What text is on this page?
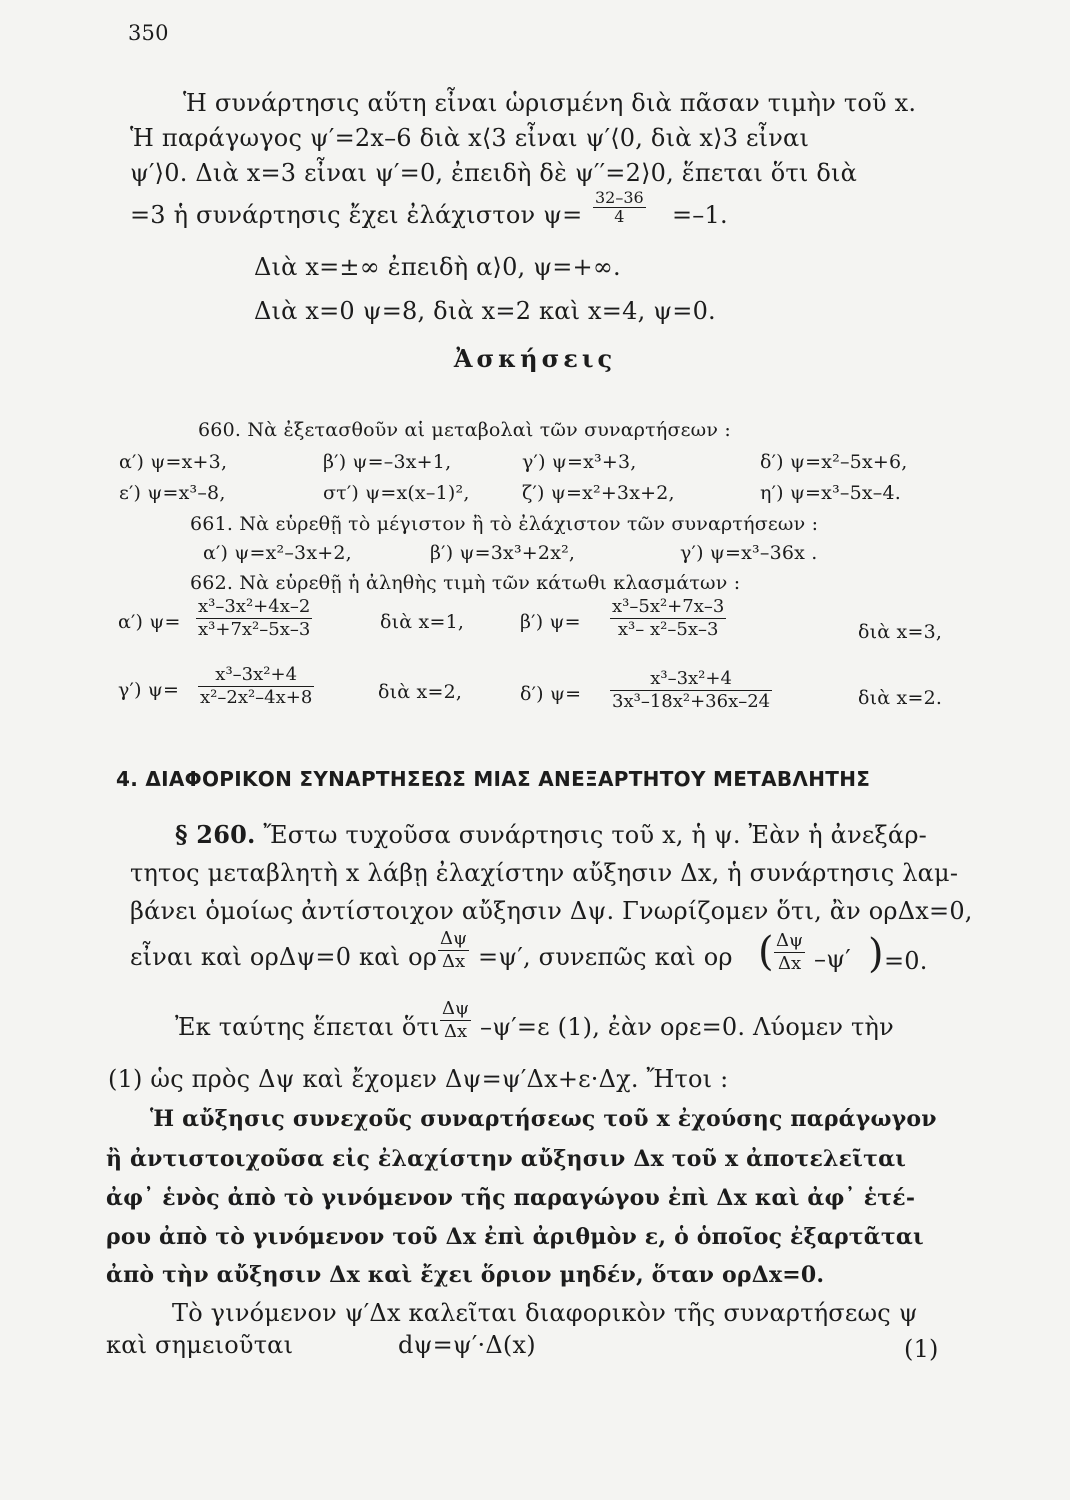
350
Ἡ συνάρτησις αὕτη εἶναι ὡρισμένη διὰ πᾶσαν τιμὴν τοῦ x.
Ἡ παράγωγος ψ′=2x–6 διὰ x⟨3 εἶναι ψ′⟨0, διὰ x⟩3 εἶναι
ψ′⟩0. Διὰ x=3 εἶναι ψ′=0, ἐπειδὴ δὲ ψ′′=2⟩0, ἕπεται ὅτι διὰ
=3 ἡ συνάρτησις ἔχει ἐλάχιστον $\psi= \frac{32-36}{4} =-1$.
Διὰ x=±∞ ἐπειδὴ α⟩0, ψ=+∞.
Διὰ x=0 ψ=8, διὰ x=2 καὶ x=4, ψ=0.
Ἀσκήσεις
660. Νὰ ἐξετασθοῦν αἱ μεταβολαὶ τῶν συναρτήσεων :
α′) ψ=x+3,	β′) ψ=–3x+1,	γ′) ψ=x³+3,	δ′) ψ=x²–5x+6,
ε′) ψ=x³–8,	στ′) ψ=x(x–1)²,	ζ′) ψ=x²+3x+2,	η′) ψ=x³–5x–4.
661. Νὰ εὑρεθῇ τὸ μέγιστον ἢ τὸ ἐλάχιστον τῶν συναρτήσεων :
α′) ψ=x²–3x+2,	β′) ψ=3x³+2x²,	γ′) ψ=x³–36x .
662. Νὰ εὑρεθῇ ἡ ἀληθὴς τιμὴ τῶν κάτωθι κλασμάτων :
α′) $\psi= \frac{\text{x³–3x²+4x–2}}{\text{x³+7x²–5x–3}}$	διὰ x=1,	β′) $\psi= \frac{\text{x³–5x²+7x–3}}{\text{x³– x²–5x–3}}$	διὰ x=3,
γ′) $\psi= \frac{\text{x³–3x²+4}}{\text{x²–2x²–4x+8}}$	διὰ x=2,	δ′) $\psi= \frac{\text{x³–3x²+4}}{\text{3x³–18x²+36x–24}}$	διὰ x=2.
4. ΔΙΑΦΟΡΙΚΟΝ ΣΥΝΑΡΤΗΣΕΩΣ ΜΙΑΣ ΑΝΕΞΑΡΤΗΤΟΥ ΜΕΤΑΒΛΗΤΗΣ
§ 260. Ἔστω τυχοῦσα συνάρτησις τοῦ x, ἡ ψ. Ἐὰν ἡ ἀνεξάρ-
τητος μεταβλητὴ x λάβῃ ἐλαχίστην αὔξησιν Δx, ἡ συνάρτησις λαμ-
βάνει ὁμοίως ἀντίστοιχον αὔξησιν Δψ. Γνωρίζομεν ὅτι, ἂν ορΔx=0,
εἶναι καὶ ορΔψ=0 καὶ ορ $\frac{\Delta\psi}{\Delta x} =\psi'$, συνεπῶς καὶ ορ ( $\frac{\Delta\psi}{\Delta x} -\psi'$ ) =0.
Ἐκ ταύτης ἕπεται ὅτι $\frac{\Delta\psi}{\Delta x} -\psi'=\varepsilon$ (1), ἐὰν ορε=0. Λύομεν τὴν
(1) ὡς πρὸς Δψ καὶ ἔχομεν Δψ=ψ′Δx+ε·Δχ. Ἤτοι :
Ἡ αὔξησις συνεχοῦς συναρτήσεως τοῦ x ἐχούσης παράγωγον
ἢ ἀντιστοιχοῦσα εἰς ἐλαχίστην αὔξησιν Δx τοῦ x ἀποτελεῖται
ἀφ᾽ ἑνὸς ἀπὸ τὸ γινόμενον τῆς παραγώγου ἐπὶ Δx καὶ ἀφ᾽ ἑτέ-
ρου ἀπὸ τὸ γινόμενον τοῦ Δx ἐπὶ ἀριθμὸν ε, ὁ ὁποῖος ἐξαρτᾶται
ἀπὸ τὴν αὔξησιν Δx καὶ ἔχει ὅριον μηδέν, ὅταν ορΔx=0.
Τὸ γινόμενον ψ′Δx καλεῖται διαφορικὸν τῆς συναρτήσεως ψ
καὶ σημειοῦται	dψ=ψ′·Δ(x)	(1)
